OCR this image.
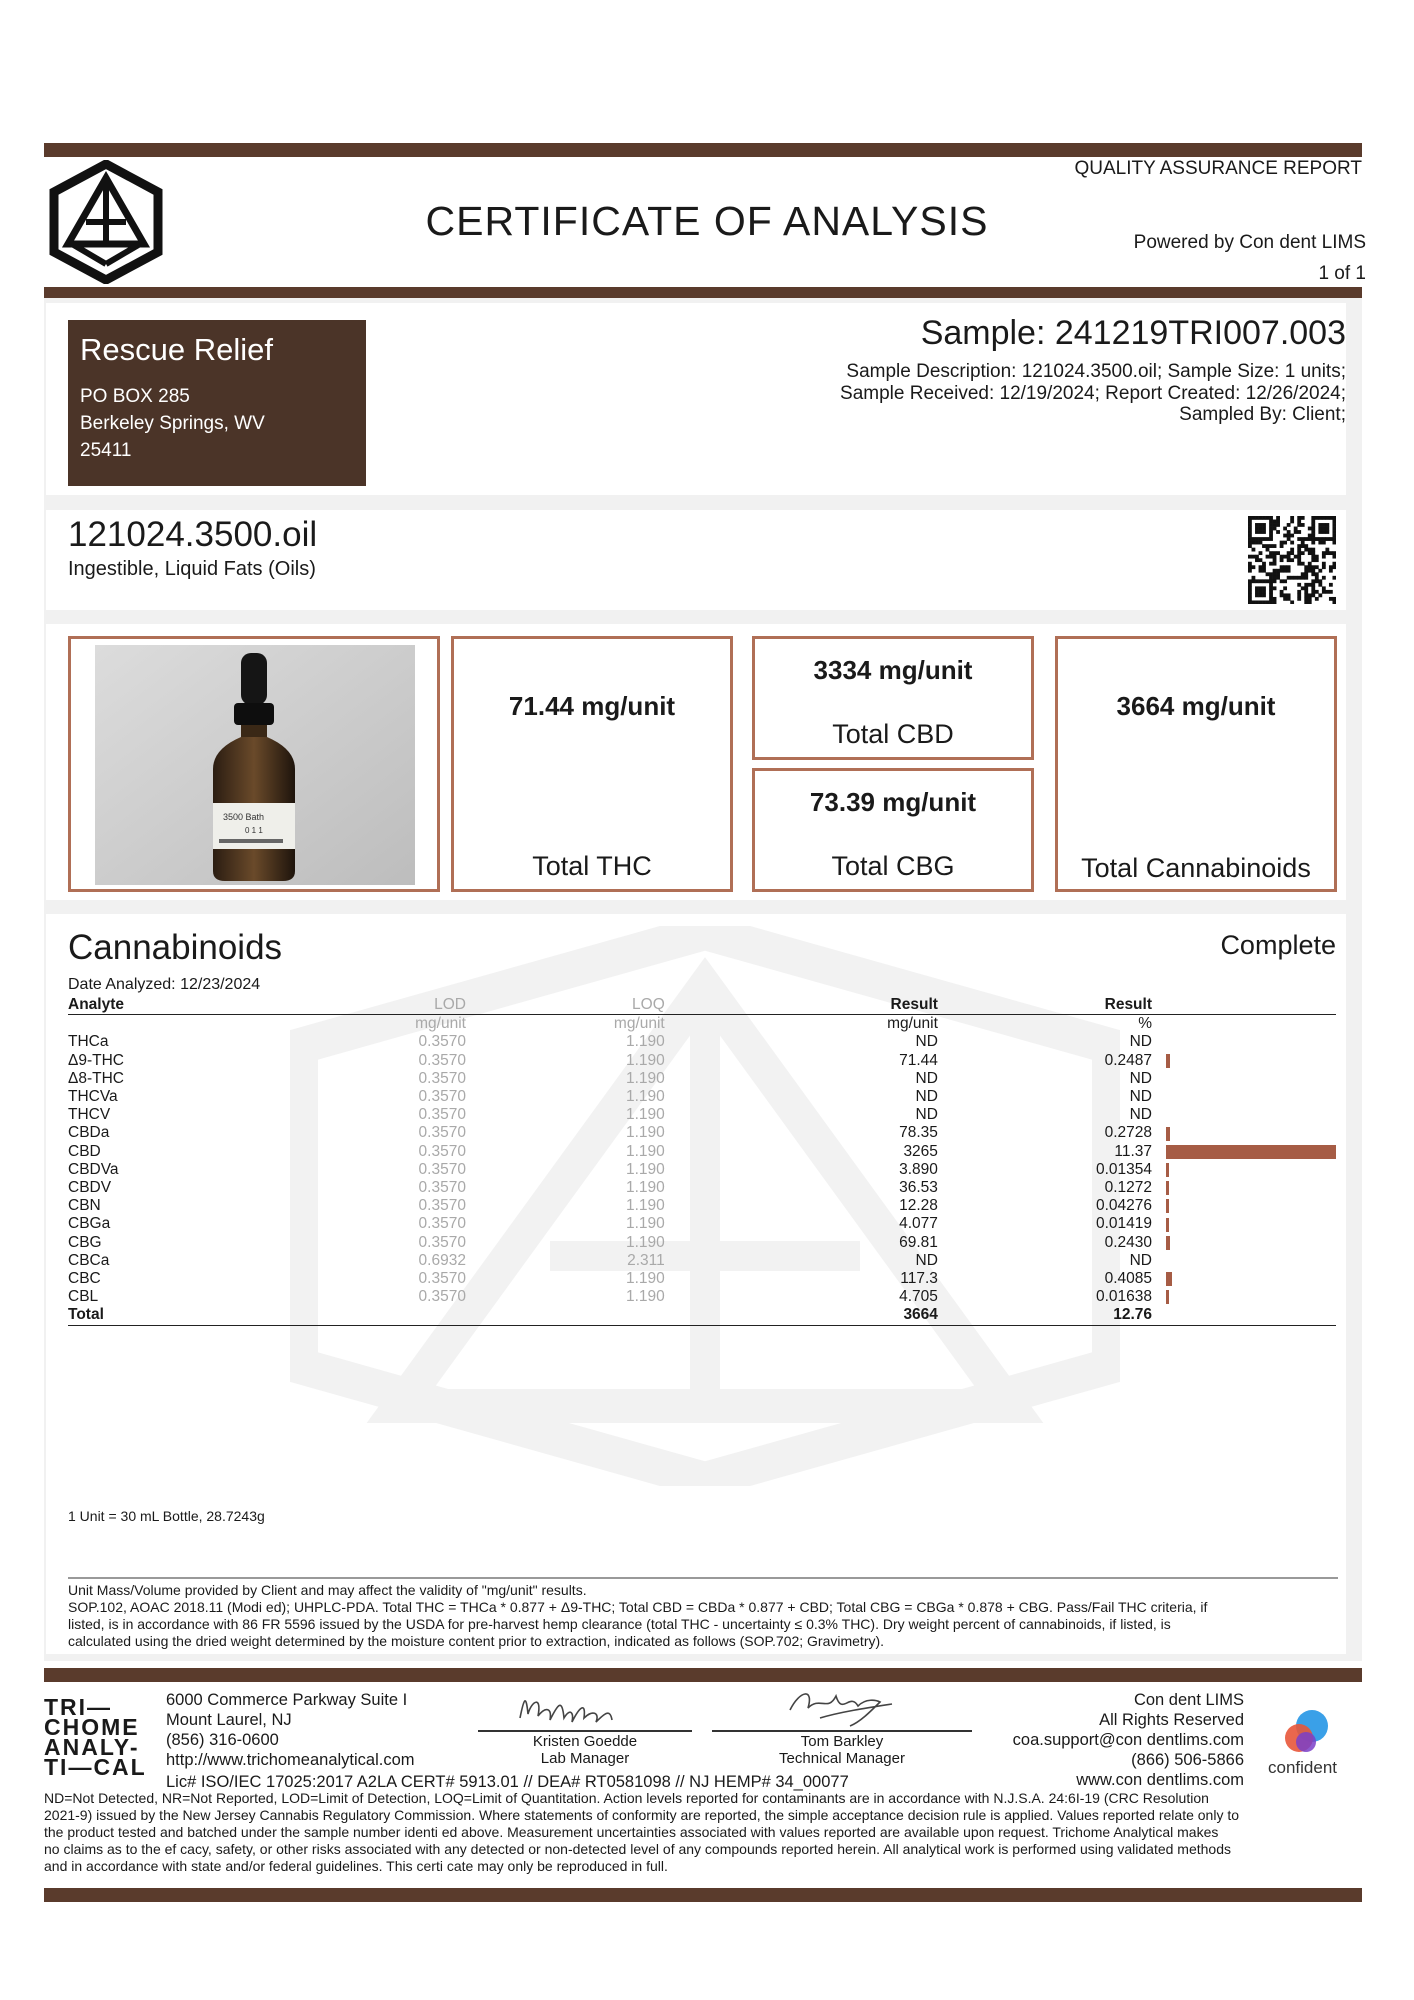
QUALITY ASSURANCE REPORT
CERTIFICATE OF ANALYSIS	Powered by Con dent LIMS
1 of 1
Rescue Relief
PO BOX 285
Berkeley Springs, WV
25411
Sample: 241219TRI007.003
Sample Description: 121024.3500.oil; Sample Size: 1 units;
Sample Received: 12/19/2024; Report Created: 12/26/2024;
Sampled By: Client;
121024.3500.oil
Ingestible, Liquid Fats (Oils)
3500 Bath
0 1 1
71.44 mg/unit
Total THC
3334 mg/unit
Total CBD
73.39 mg/unit
Total CBG
3664 mg/unit
Total Cannabinoids
Cannabinoids	Complete
Date Analyzed: 12/23/2024
Analyte	LOD	LOQ	Result	Result	
	mg/unit	mg/unit	mg/unit	%	
THCa	0.3570	1.190	ND	ND	
Δ9-THC	0.3570	1.190	71.44	0.2487	

Δ8-THC	0.3570	1.190	ND	ND	
THCVa	0.3570	1.190	ND	ND	
THCV	0.3570	1.190	ND	ND	
CBDa	0.3570	1.190	78.35	0.2728	

CBD	0.3570	1.190	3265	11.37	

CBDVa	0.3570	1.190	3.890	0.01354	

CBDV	0.3570	1.190	36.53	0.1272	

CBN	0.3570	1.190	12.28	0.04276	

CBGa	0.3570	1.190	4.077	0.01419	

CBG	0.3570	1.190	69.81	0.2430	

CBCa	0.6932	2.311	ND	ND	
CBC	0.3570	1.190	117.3	0.4085	

CBL	0.3570	1.190	4.705	0.01638	

Total			3664	12.76	

1 Unit = 30 mL Bottle, 28.7243g
Unit Mass/Volume provided by Client and may affect the validity of "mg/unit" results.
SOP.102, AOAC 2018.11 (Modi ed); UHPLC-PDA. Total THC = THCa * 0.877 + Δ9-THC; Total CBD = CBDa * 0.877 + CBD; Total CBG = CBGa * 0.878 + CBG. Pass/Fail THC criteria, if
listed, is in accordance with 86 FR 5596 issued by the USDA for pre-harvest hemp clearance (total THC - uncertainty ≤ 0.3% THC). Dry weight percent of cannabinoids, if listed, is
calculated using the dried weight determined by the moisture content prior to extraction, indicated as follows (SOP.702; Gravimetry).
TRI—
CHOME
ANALY-
TI—CAL
6000 Commerce Parkway Suite I
Mount Laurel, NJ
(856) 316-0600
http://www.trichomeanalytical.com
Kristen Goedde
Lab Manager
Tom Barkley
Technical Manager
Con dent LIMS
All Rights Reserved
coa.support@con dentlims.com
(866) 506-5866
www.con dentlims.com
confident
Lic# ISO/IEC 17025:2017 A2LA CERT# 5913.01 // DEA# RT0581098 // NJ HEMP# 34_00077
ND=Not Detected, NR=Not Reported, LOD=Limit of Detection, LOQ=Limit of Quantitation. Action levels reported for contaminants are in accordance with N.J.S.A. 24:6I-19 (CRC Resolution
2021-9) issued by the New Jersey Cannabis Regulatory Commission. Where statements of conformity are reported, the simple acceptance decision rule is applied. Values reported relate only to
the product tested and batched under the sample number identi ed above. Measurement uncertainties associated with values reported are available upon request. Trichome Analytical makes
no claims as to the ef cacy, safety, or other risks associated with any detected or non-detected level of any compounds reported herein. All analytical work is performed using validated methods
and in accordance with state and/or federal guidelines. This certi cate may only be reproduced in full.
